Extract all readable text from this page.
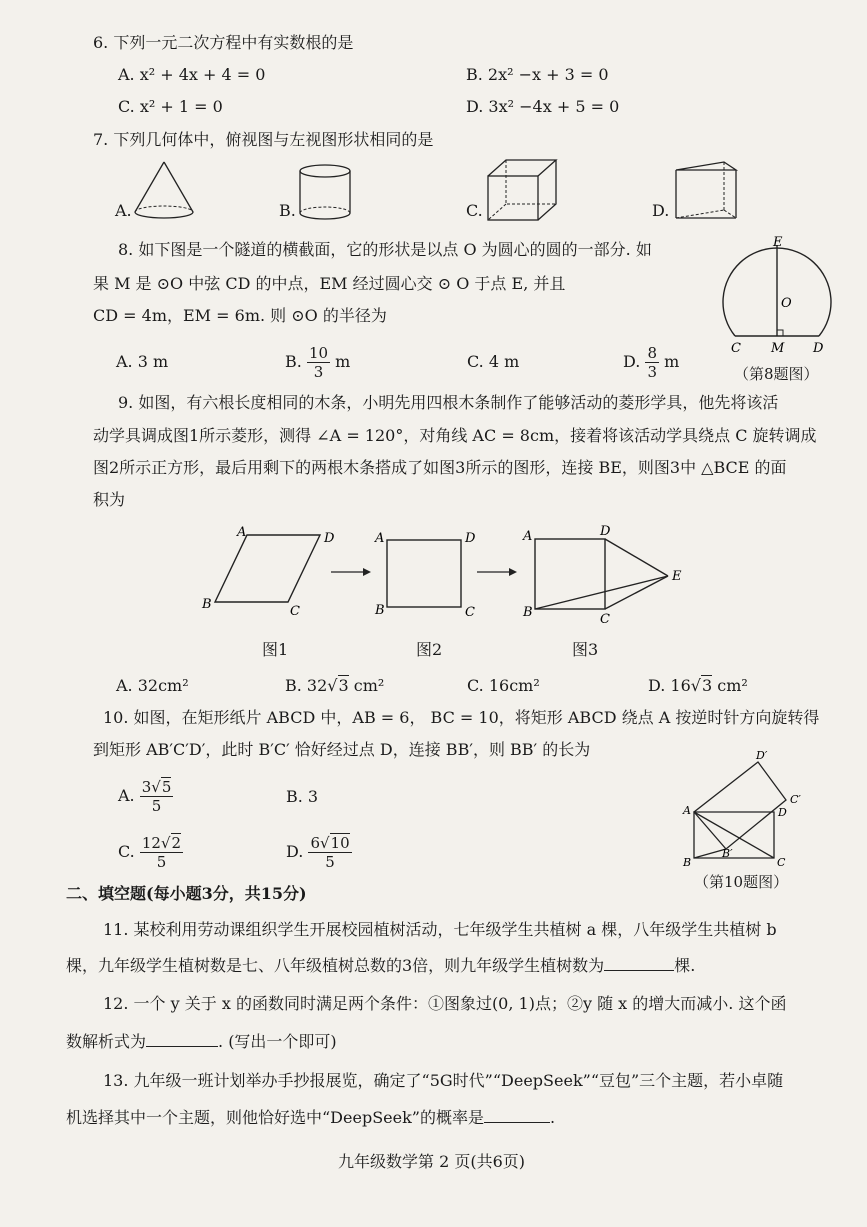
6. 下列一元二次方程中有实数根的是
A. x² + 4x + 4 = 0	B. 2x² −x + 3 = 0
C. x² + 1 = 0	D. 3x² −4x + 5 = 0
7. 下列几何体中，俯视图与左视图形状相同的是
A.	B.	C.	D.
8. 如下图是一个隧道的横截面，它的形状是以点 O 为圆心的圆的一部分. 如
果 M 是 ⊙O 中弦 CD 的中点，EM 经过圆心交 ⊙ O 于点 E, 并且
CD = 4m，EM = 6m. 则 ⊙O 的半径为
A. 3 m	B. $\frac{10}{3}$ m	C. 4 m	D. $\frac{8}{3}$ m
E
O
C M D
（第8题图）
9. 如图，有六根长度相同的木条，小明先用四根木条制作了能够活动的菱形学具，他先将该活
动学具调成图1所示菱形，测得 ∠A = 120°，对角线 AC = 8cm，接着将该活动学具绕点 C 旋转调成
图2所示正方形，最后用剩下的两根木条搭成了如图3所示的图形，连接 BE，则图3中 △BCE 的面
积为
A	D
B	C
A	D
B	C
A	D
B	C
E
图1	图2	图3
A. 32cm²	B. 32√3 cm²	C. 16cm²	D. 16√3 cm²
10. 如图，在矩形纸片 ABCD 中，AB = 6， BC = 10，将矩形 ABCD 绕点 A 按逆时针方向旋转得
到矩形 AB′C′D′，此时 B′C′ 恰好经过点 D，连接 BB′，则 BB′ 的长为
A. $\frac{3√5}{5}$	B. 3
C. $\frac{12√2}{5}$	D. $\frac{6√10}{5}$
A
B	C
D
B′
C′
D′
（第10题图）
二、填空题(每小题3分，共15分)
11. 某校利用劳动课组织学生开展校园植树活动，七年级学生共植树 a 棵，八年级学生共植树 b
棵，九年级学生植树数是七、八年级植树总数的3倍，则九年级学生植树数为	棵.
12. 一个 y 关于 x 的函数同时满足两个条件：①图象过(0, 1)点；②y 随 x 的增大而减小. 这个函
数解析式为	. (写出一个即可)
13. 九年级一班计划举办手抄报展览，确定了“5G时代”“DeepSeek”“豆包”三个主题，若小卓随
机选择其中一个主题，则他恰好选中“DeepSeek”的概率是	.
九年级数学第 2 页(共6页)
